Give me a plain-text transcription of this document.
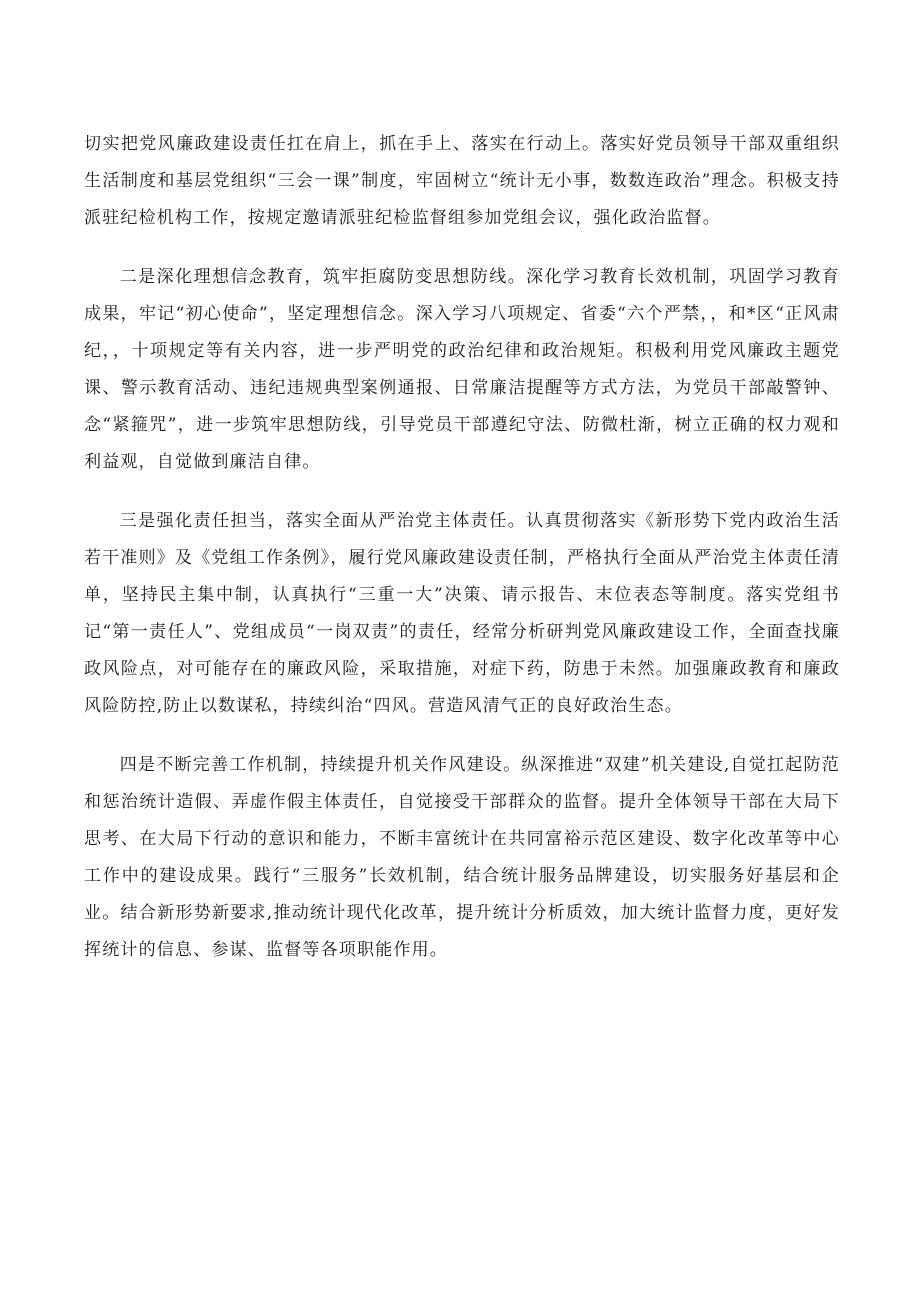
切实把党风廉政建设责任扛在肩上，抓在手上、落实在行动上。落实好党员领导干部双重组织生活制度和基层党组织“三会一课”制度，牢固树立“统计无小事，数数连政治”理念。积极支持派驻纪检机构工作，按规定邀请派驻纪检监督组参加党组会议，强化政治监督。

二是深化理想信念教育，筑牢拒腐防变思想防线。深化学习教育长效机制，巩固学习教育成果，牢记“初心使命”，坚定理想信念。深入学习八项规定、省委“六个严禁，，和*区“正风肃纪，，十项规定等有关内容，进一步严明党的政治纪律和政治规矩。积极利用党风廉政主题党课、警示教育活动、违纪违规典型案例通报、日常廉洁提醒等方式方法，为党员干部敲警钟、念“紧箍咒”，进一步筑牢思想防线，引导党员干部遵纪守法、防微杜渐，树立正确的权力观和利益观，自觉做到廉洁自律。

三是强化责任担当，落实全面从严治党主体责任。认真贯彻落实《新形势下党内政治生活若干准则》及《党组工作条例》，履行党风廉政建设责任制，严格执行全面从严治党主体责任清单，坚持民主集中制，认真执行“三重一大”决策、请示报告、末位表态等制度。落实党组书记“第一责任人”、党组成员“一岗双责”的责任，经常分析研判党风廉政建设工作，全面查找廉政风险点，对可能存在的廉政风险，采取措施，对症下药，防患于未然。加强廉政教育和廉政风险防控,防止以数谋私，持续纠治“四风。营造风清气正的良好政治生态。

四是不断完善工作机制，持续提升机关作风建设。纵深推进“双建”机关建设,自觉扛起防范和惩治统计造假、弄虚作假主体责任，自觉接受干部群众的监督。提升全体领导干部在大局下思考、在大局下行动的意识和能力，不断丰富统计在共同富裕示范区建设、数字化改革等中心工作中的建设成果。践行“三服务”长效机制，结合统计服务品牌建设，切实服务好基层和企业。结合新形势新要求,推动统计现代化改革，提升统计分析质效，加大统计监督力度，更好发挥统计的信息、参谋、监督等各项职能作用。
